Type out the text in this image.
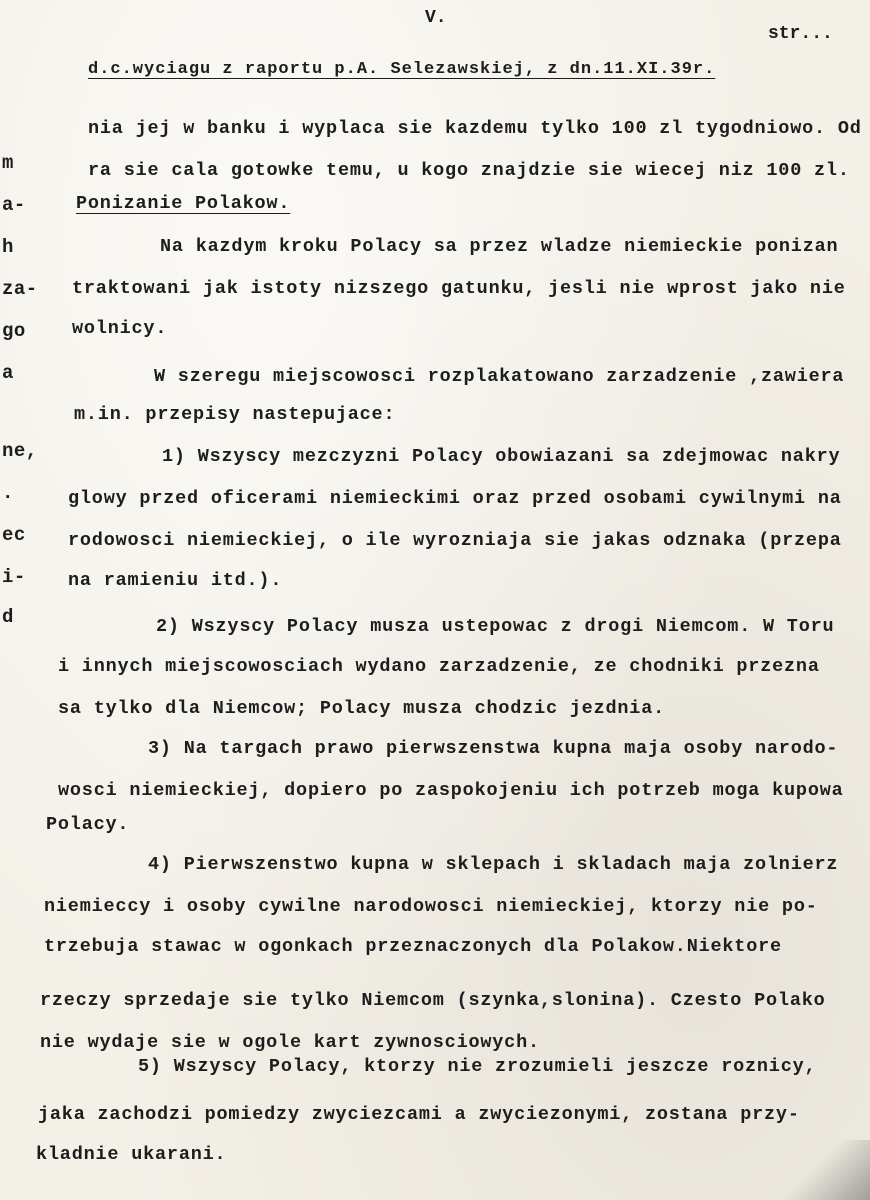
m
a-
h
za-
go
a
ne,
.
ec
i-
d
V.
str...
d.c.wyciagu z raportu p.A. Selezawskiej, z dn.11.XI.39r.
nia jej w banku i wyplaca sie kazdemu tylko 100 zl tygodniowo. Od
ra sie cala gotowke temu, u kogo znajdzie sie wiecej niz 100 zl.
Ponizanie Polakow.
Na kazdym kroku Polacy sa przez wladze niemieckie ponizan
traktowani jak istoty nizszego gatunku, jesli nie wprost jako nie
wolnicy.
W szeregu miejscowosci rozplakatowano zarzadzenie ,zawiera
m.in. przepisy nastepujace:
1) Wszyscy mezczyzni Polacy obowiazani sa zdejmowac nakry
glowy przed oficerami niemieckimi oraz przed osobami cywilnymi na
rodowosci niemieckiej, o ile wyrozniaja sie jakas odznaka (przepa
na ramieniu itd.).
2) Wszyscy Polacy musza ustepowac z drogi Niemcom. W Toru
i innych miejscowosciach wydano zarzadzenie, ze chodniki przezna
sa tylko dla Niemcow; Polacy musza chodzic jezdnia.
3) Na targach prawo pierwszenstwa kupna maja osoby narodo-
wosci niemieckiej, dopiero po zaspokojeniu ich potrzeb moga kupowa
Polacy.
4) Pierwszenstwo kupna w sklepach i skladach maja zolnierz
niemieccy i osoby cywilne narodowosci niemieckiej, ktorzy nie po-
trzebuja stawac w ogonkach przeznaczonych dla Polakow.Niektore
rzeczy sprzedaje sie tylko Niemcom (szynka,slonina). Czesto Polako
nie wydaje sie w ogole kart zywnosciowych.
5) Wszyscy Polacy, ktorzy nie zrozumieli jeszcze roznicy,
jaka zachodzi pomiedzy zwyciezcami a zwyciezonymi, zostana przy-
kladnie ukarani.
